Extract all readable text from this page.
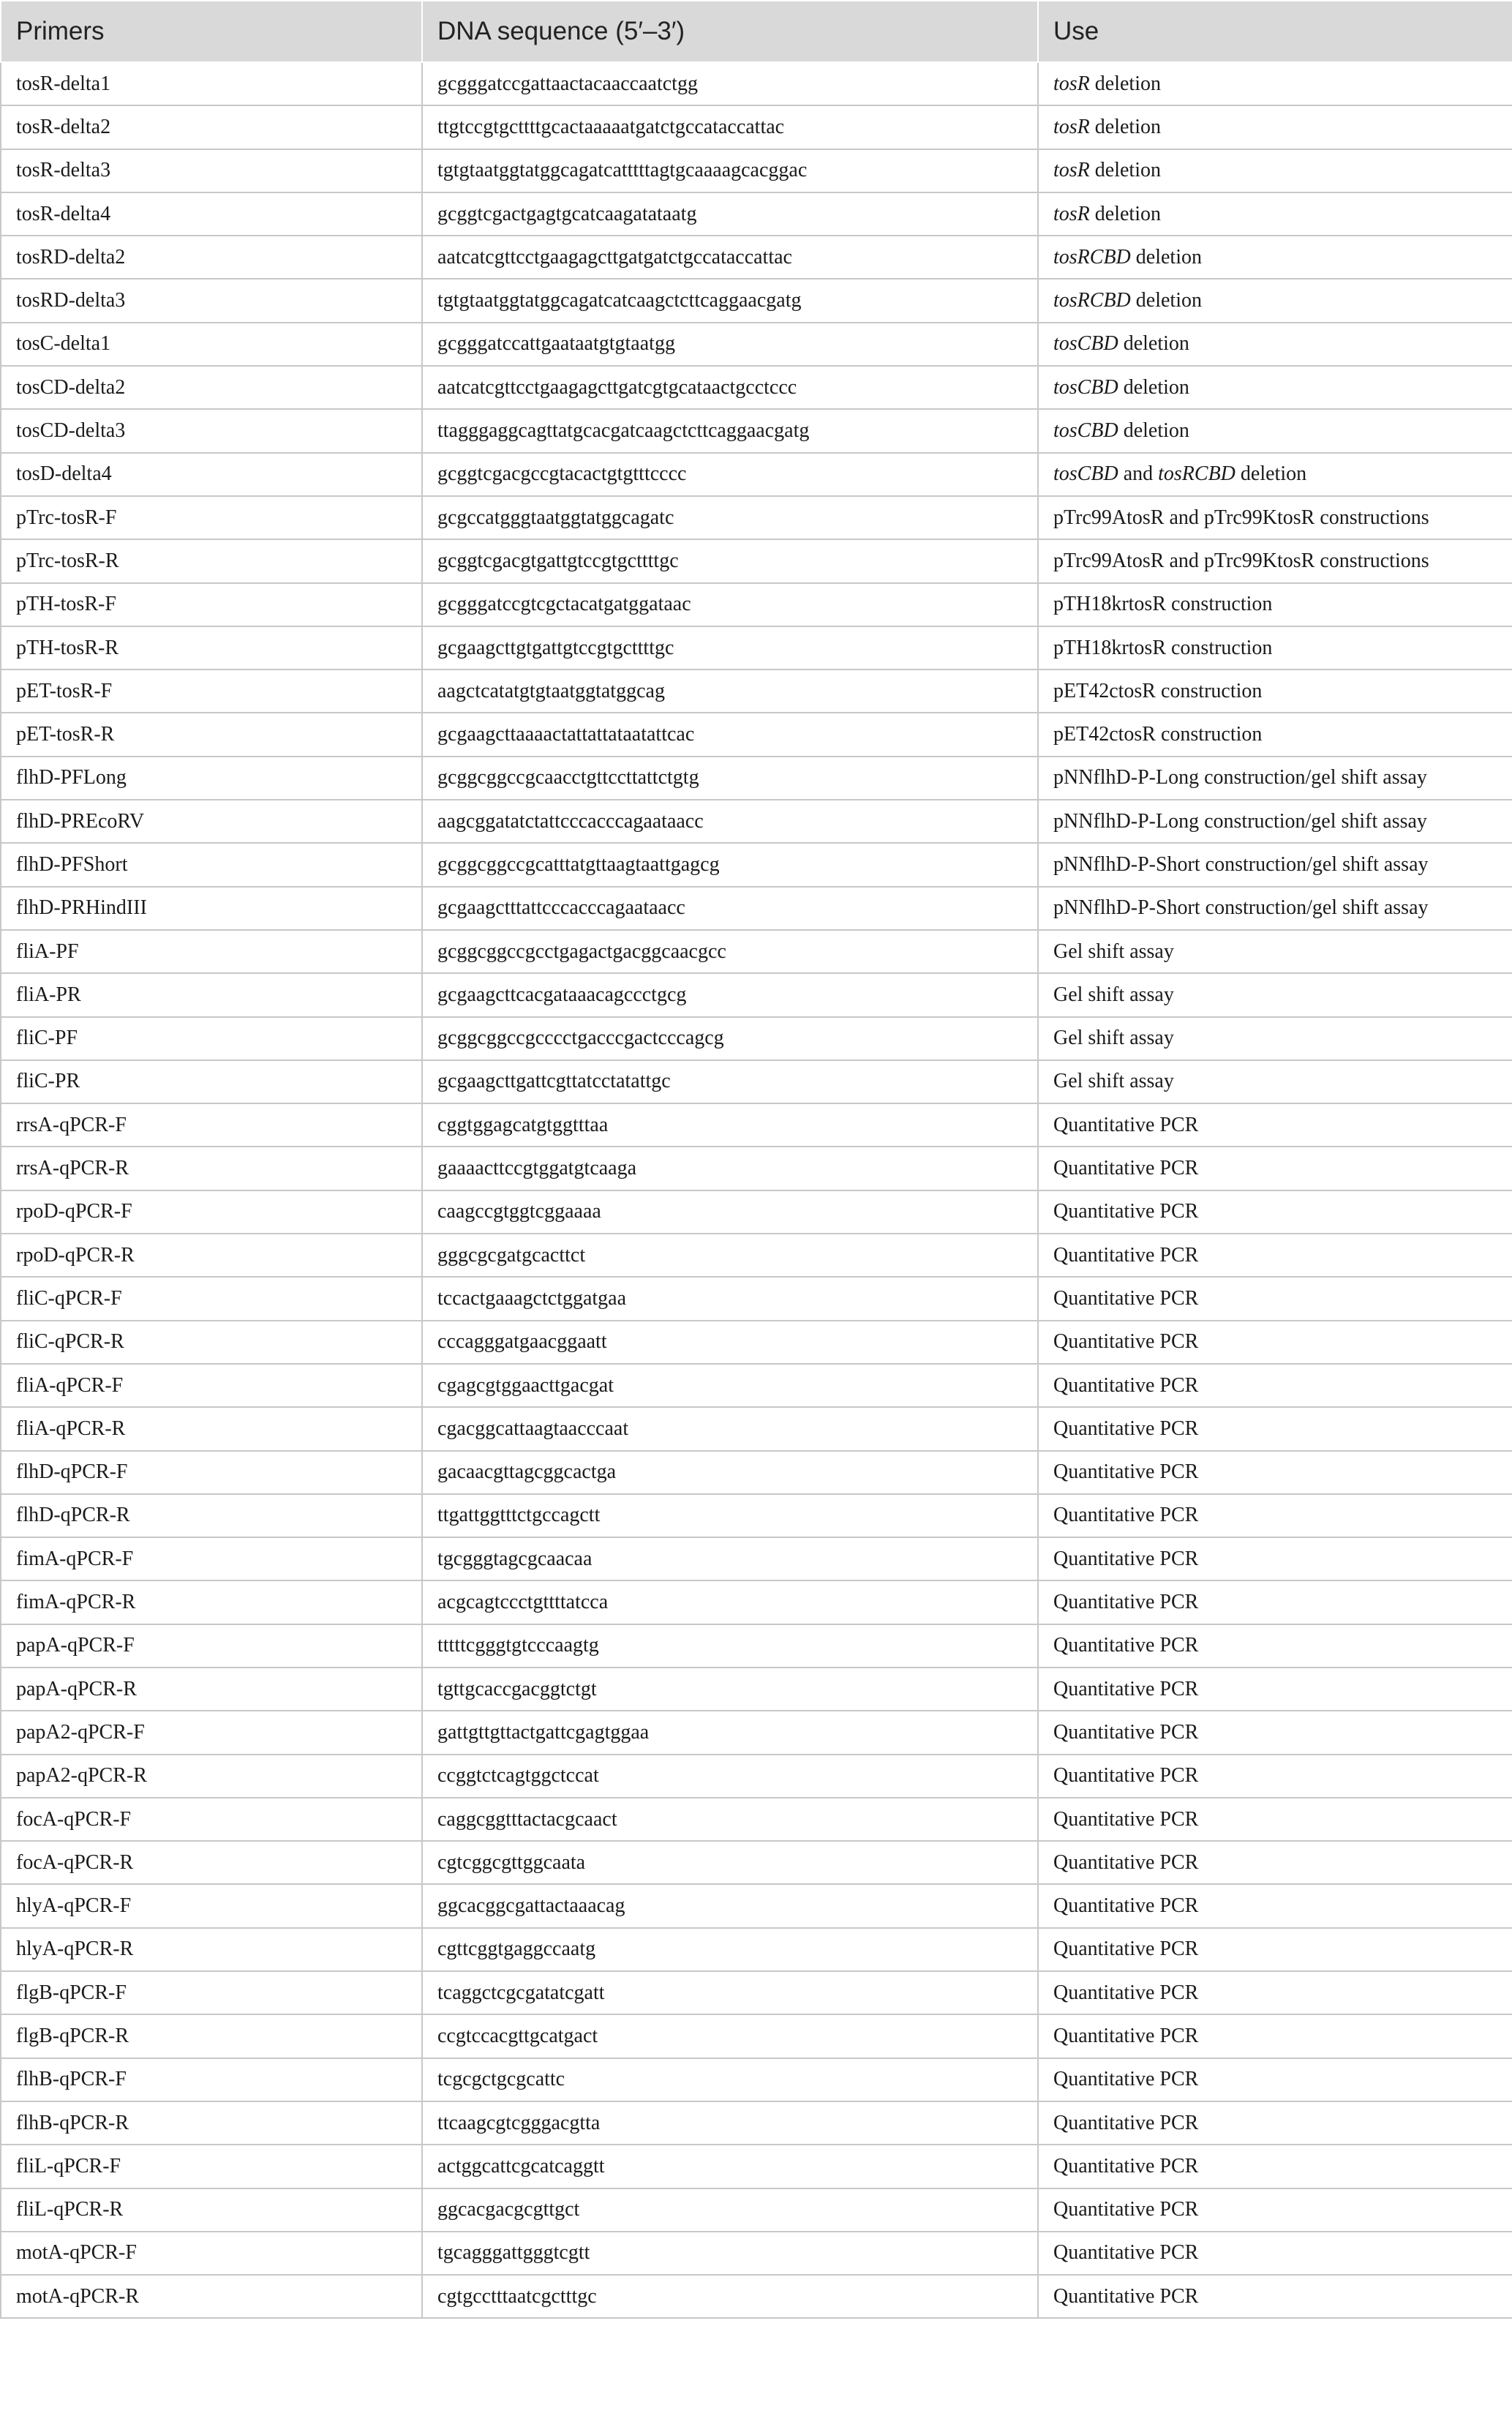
Primers	DNA sequence (5′–3′)	Use
tosR-delta1	gcgggatccgattaactacaaccaatctgg	tosR deletion
tosR-delta2	ttgtccgtgcttttgcactaaaaatgatctgccataccattac	tosR deletion
tosR-delta3	tgtgtaatggtatggcagatcatttttagtgcaaaagcacggac	tosR deletion
tosR-delta4	gcggtcgactgagtgcatcaagatataatg	tosR deletion
tosRD-delta2	aatcatcgttcctgaagagcttgatgatctgccataccattac	tosRCBD deletion
tosRD-delta3	tgtgtaatggtatggcagatcatcaagctcttcaggaacgatg	tosRCBD deletion
tosC-delta1	gcgggatccattgaataatgtgtaatgg	tosCBD deletion
tosCD-delta2	aatcatcgttcctgaagagcttgatcgtgcataactgcctccc	tosCBD deletion
tosCD-delta3	ttagggaggcagttatgcacgatcaagctcttcaggaacgatg	tosCBD deletion
tosD-delta4	gcggtcgacgccgtacactgtgtttcccc	tosCBD and tosRCBD deletion
pTrc-tosR-F	gcgccatgggtaatggtatggcagatc	pTrc99AtosR and pTrc99KtosR constructions
pTrc-tosR-R	gcggtcgacgtgattgtccgtgcttttgc	pTrc99AtosR and pTrc99KtosR constructions
pTH-tosR-F	gcgggatccgtcgctacatgatggataac	pTH18krtosR construction
pTH-tosR-R	gcgaagcttgtgattgtccgtgcttttgc	pTH18krtosR construction
pET-tosR-F	aagctcatatgtgtaatggtatggcag	pET42ctosR construction
pET-tosR-R	gcgaagcttaaaactattattataatattcac	pET42ctosR construction
flhD-PFLong	gcggcggccgcaacctgttccttattctgtg	pNNflhD-P-Long construction/gel shift assay
flhD-PREcoRV	aagcggatatctattcccacccagaataacc	pNNflhD-P-Long construction/gel shift assay
flhD-PFShort	gcggcggccgcatttatgttaagtaattgagcg	pNNflhD-P-Short construction/gel shift assay
flhD-PRHindIII	gcgaagctttattcccacccagaataacc	pNNflhD-P-Short construction/gel shift assay
fliA-PF	gcggcggccgcctgagactgacggcaacgcc	Gel shift assay
fliA-PR	gcgaagcttcacgataaacagccctgcg	Gel shift assay
fliC-PF	gcggcggccgcccctgacccgactcccagcg	Gel shift assay
fliC-PR	gcgaagcttgattcgttatcctatattgc	Gel shift assay
rrsA-qPCR-F	cggtggagcatgtggtttaa	Quantitative PCR
rrsA-qPCR-R	gaaaacttccgtggatgtcaaga	Quantitative PCR
rpoD-qPCR-F	caagccgtggtcggaaaa	Quantitative PCR
rpoD-qPCR-R	gggcgcgatgcacttct	Quantitative PCR
fliC-qPCR-F	tccactgaaagctctggatgaa	Quantitative PCR
fliC-qPCR-R	cccagggatgaacggaatt	Quantitative PCR
fliA-qPCR-F	cgagcgtggaacttgacgat	Quantitative PCR
fliA-qPCR-R	cgacggcattaagtaacccaat	Quantitative PCR
flhD-qPCR-F	gacaacgttagcggcactga	Quantitative PCR
flhD-qPCR-R	ttgattggtttctgccagctt	Quantitative PCR
fimA-qPCR-F	tgcgggtagcgcaacaa	Quantitative PCR
fimA-qPCR-R	acgcagtccctgttttatcca	Quantitative PCR
papA-qPCR-F	tttttcgggtgtcccaagtg	Quantitative PCR
papA-qPCR-R	tgttgcaccgacggtctgt	Quantitative PCR
papA2-qPCR-F	gattgttgttactgattcgagtggaa	Quantitative PCR
papA2-qPCR-R	ccggtctcagtggctccat	Quantitative PCR
focA-qPCR-F	caggcggtttactacgcaact	Quantitative PCR
focA-qPCR-R	cgtcggcgttggcaata	Quantitative PCR
hlyA-qPCR-F	ggcacggcgattactaaacag	Quantitative PCR
hlyA-qPCR-R	cgttcggtgaggccaatg	Quantitative PCR
flgB-qPCR-F	tcaggctcgcgatatcgatt	Quantitative PCR
flgB-qPCR-R	ccgtccacgttgcatgact	Quantitative PCR
flhB-qPCR-F	tcgcgctgcgcattc	Quantitative PCR
flhB-qPCR-R	ttcaagcgtcgggacgtta	Quantitative PCR
fliL-qPCR-F	actggcattcgcatcaggtt	Quantitative PCR
fliL-qPCR-R	ggcacgacgcgttgct	Quantitative PCR
motA-qPCR-F	tgcagggattgggtcgtt	Quantitative PCR
motA-qPCR-R	cgtgcctttaatcgctttgc	Quantitative PCR
